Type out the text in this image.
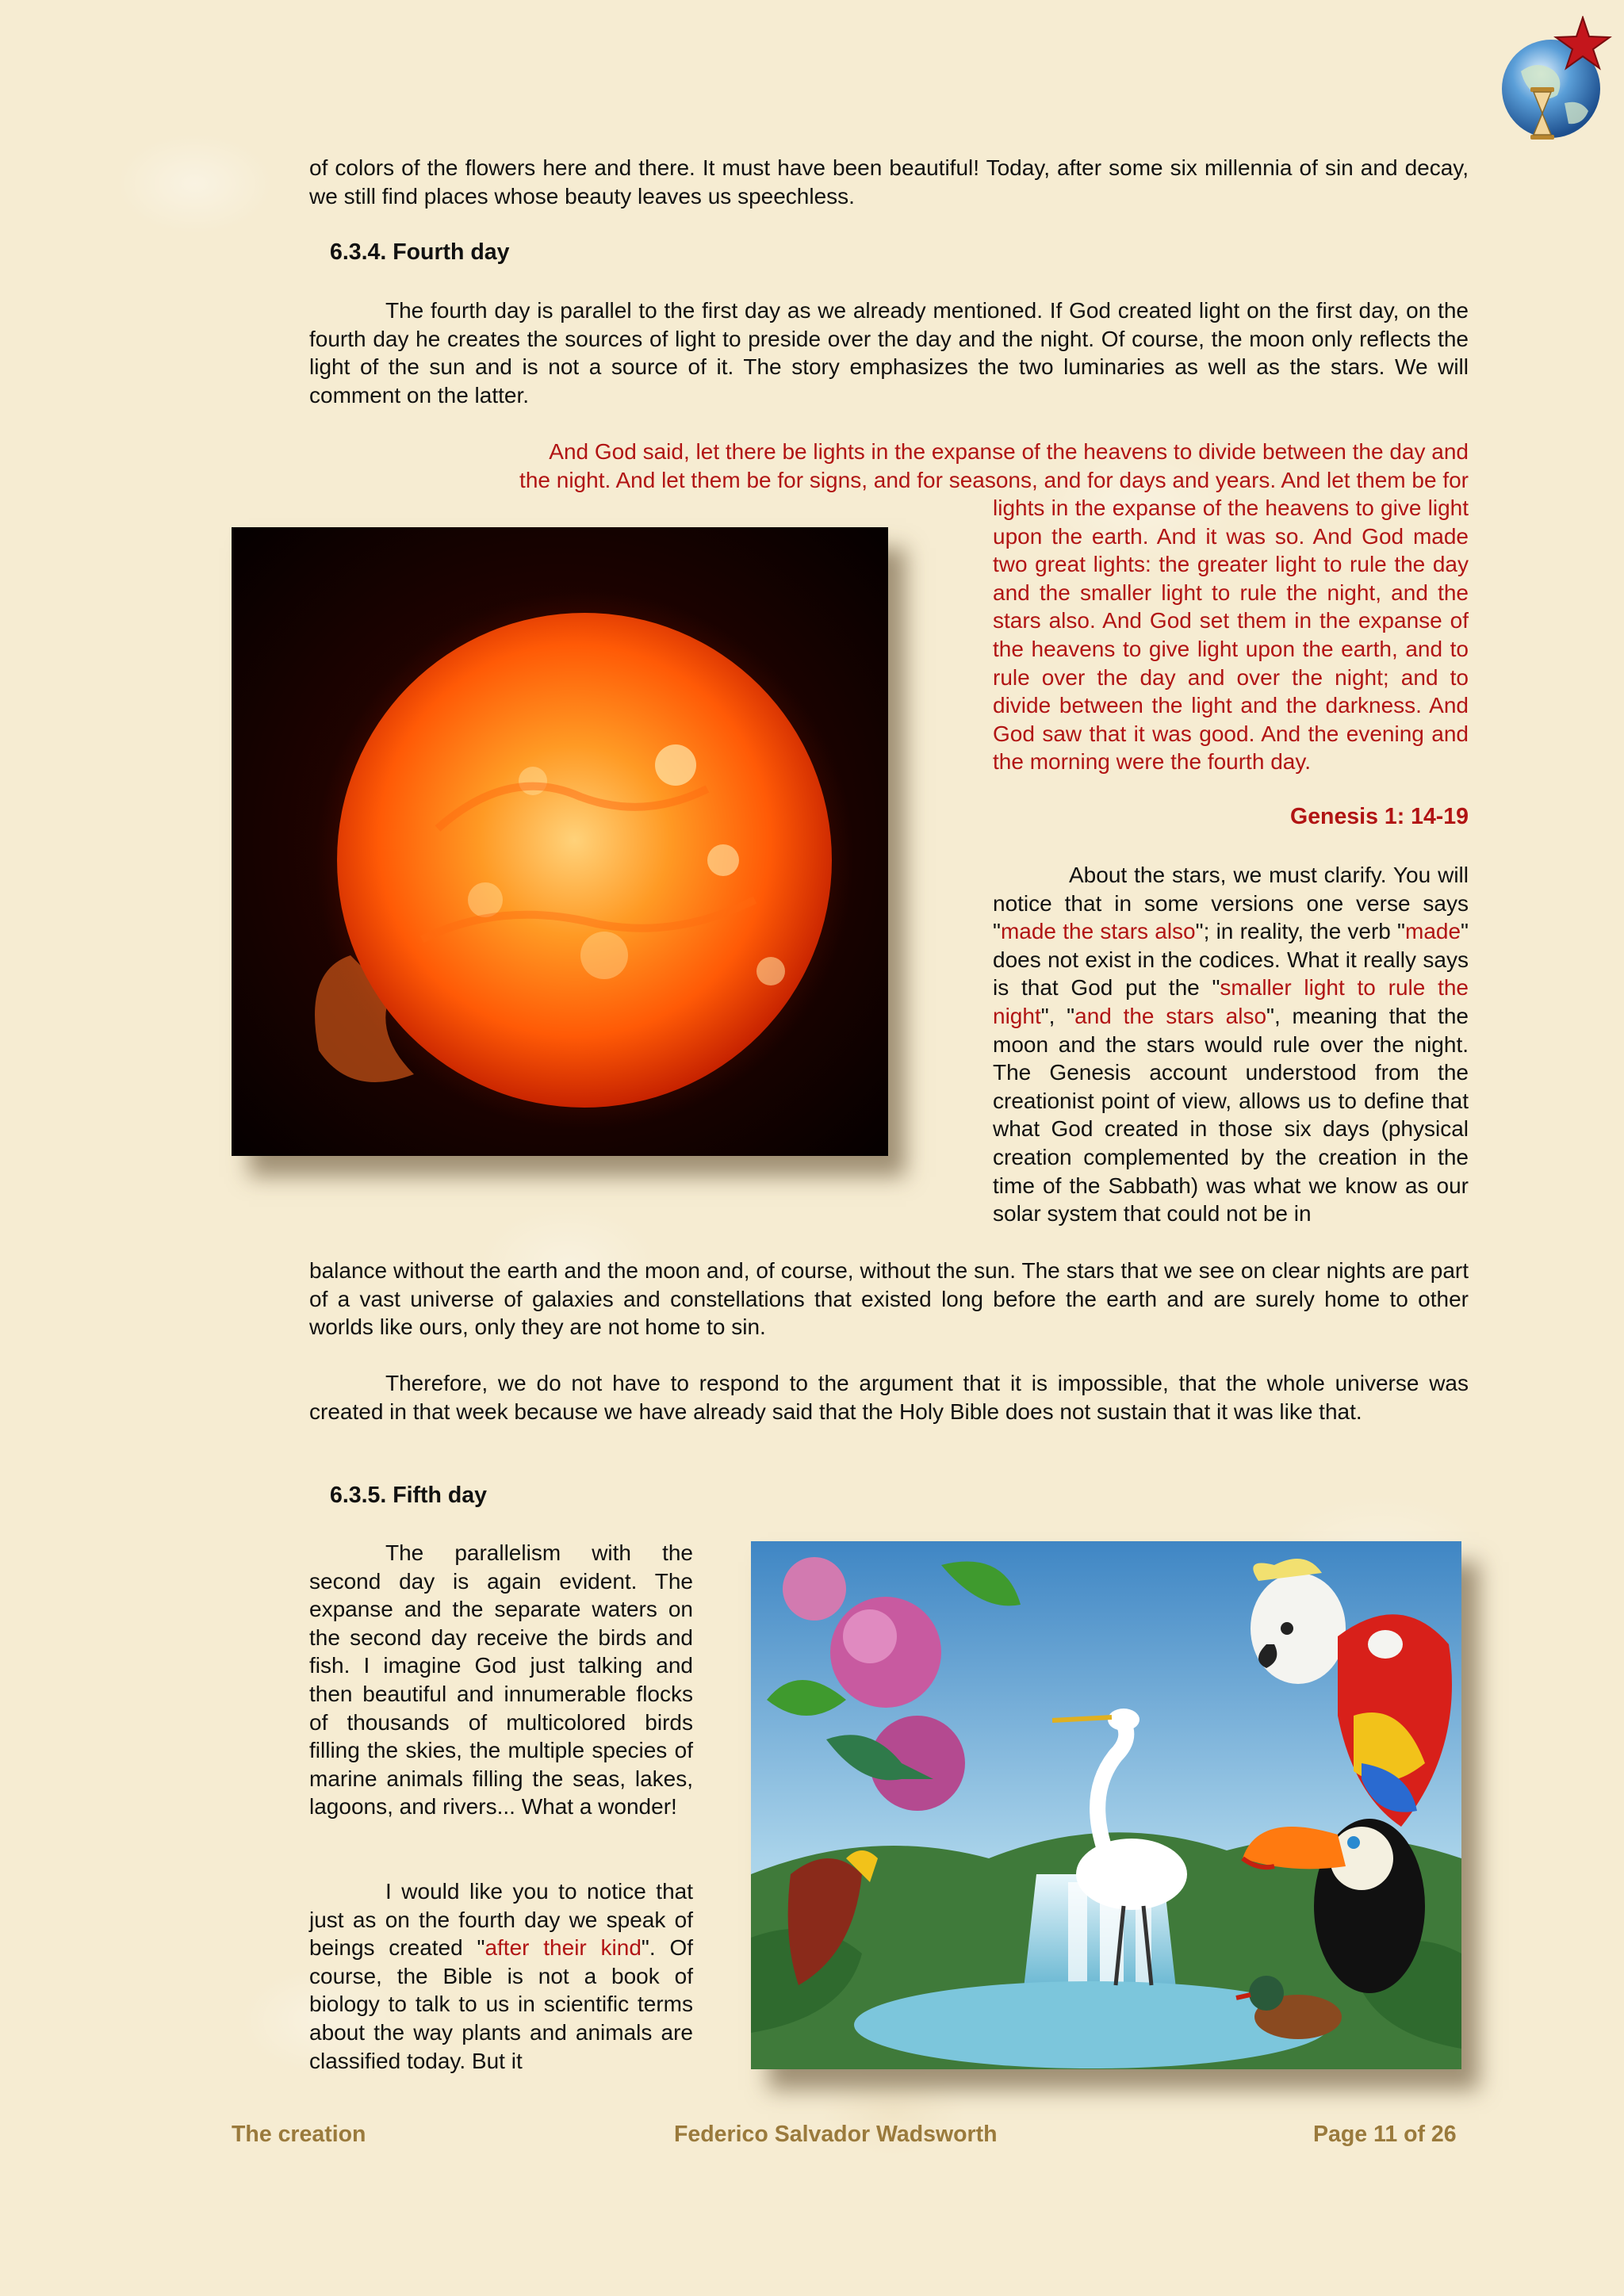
of colors of the flowers here and there. It must have been beautiful! Today, after some six millennia of sin and decay, we still find places whose beauty leaves us speechless.

6.3.4. Fourth day

The fourth day is parallel to the first day as we already mentioned. If God created light on the first day, on the fourth day he creates the sources of light to preside over the day and the night. Of course, the moon only reflects the light of the sun and is not a source of it. The story emphasizes the two luminaries as well as the stars. We will comment on the latter.

And God said, let there be lights in the expanse of the heavens to divide between the day and

the night. And let them be for signs, and for seasons, and for days and years. And let them be for

lights in the expanse of the heavens to give light upon the earth. And it was so. And God made two great lights: the greater light to rule the day and the smaller light to rule the night, and the stars also. And God set them in the expanse of the heavens to give light upon the earth, and to rule over the day and over the night; and to divide between the light and the darkness. And God saw that it was good. And the evening and the morning were the fourth day.

Genesis 1: 14-19

About the stars, we must clarify. You will notice that in some versions one verse says "made the stars also"; in reality, the verb "made" does not exist in the codices. What it really says is that God put the "smaller light to rule the night", "and the stars also", meaning that the moon and the stars would rule over the night. The Genesis account understood from the creationist point of view, allows us to define that what God created in those six days (physical creation complemented by the creation in the time of the Sabbath) was what we know as our solar system that could not be in

balance without the earth and the moon and, of course, without the sun. The stars that we see on clear nights are part of a vast universe of galaxies and constellations that existed long before the earth and are surely home to other worlds like ours, only they are not home to sin.

Therefore, we do not have to respond to the argument that it is impossible, that the whole universe was created in that week because we have already said that the Holy Bible does not sustain that it was like that.

6.3.5. Fifth day

The parallelism with the second day is again evident. The expanse and the separate waters on the second day receive the birds and fish. I imagine God just talking and then beautiful and innumerable flocks of thousands of multicolored birds filling the skies, the multiple species of marine animals filling the seas, lakes, lagoons, and rivers... What a wonder!

I would like you to notice that just as on the fourth day we speak of beings created "after their kind". Of course, the Bible is not a book of biology to talk to us in scientific terms about the way plants and animals are classified today. But it

The creation	Federico Salvador Wadsworth	Page 11 of 26
